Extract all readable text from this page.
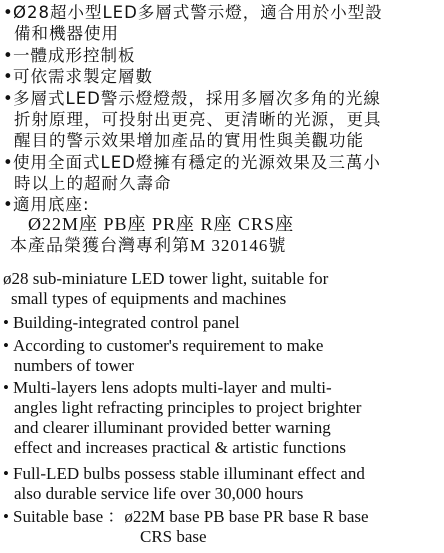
•Ø28超小型LED多層式警示燈，適合用於小型設
備和機器使用
•一體成形控制板
•可依需求製定層數
•多層式LED警示燈燈殼，採用多層次多角的光線
折射原理，可投射出更亮、更清晰的光源，更具
醒目的警示效果增加產品的實用性與美觀功能
•使用全面式LED燈擁有穩定的光源效果及三萬小
時以上的超耐久壽命
•適用底座:
Ø22M座 PB座 PR座 R座 CRS座
本產品榮獲台灣專利第M 320146號
ø28 sub-miniature LED tower light, suitable for
small types of equipments and machines
• Building-integrated control panel
• According to customer's requirement to make
numbers of tower
• Multi-layers lens adopts multi-layer and multi-
angles light refracting principles to project brighter
and clearer illuminant provided better warning
effect and increases practical & artistic functions
• Full-LED bulbs possess stable illuminant effect and
also durable service life over 30,000 hours
• Suitable base ：ø22M base PB base PR base R base
CRS base
